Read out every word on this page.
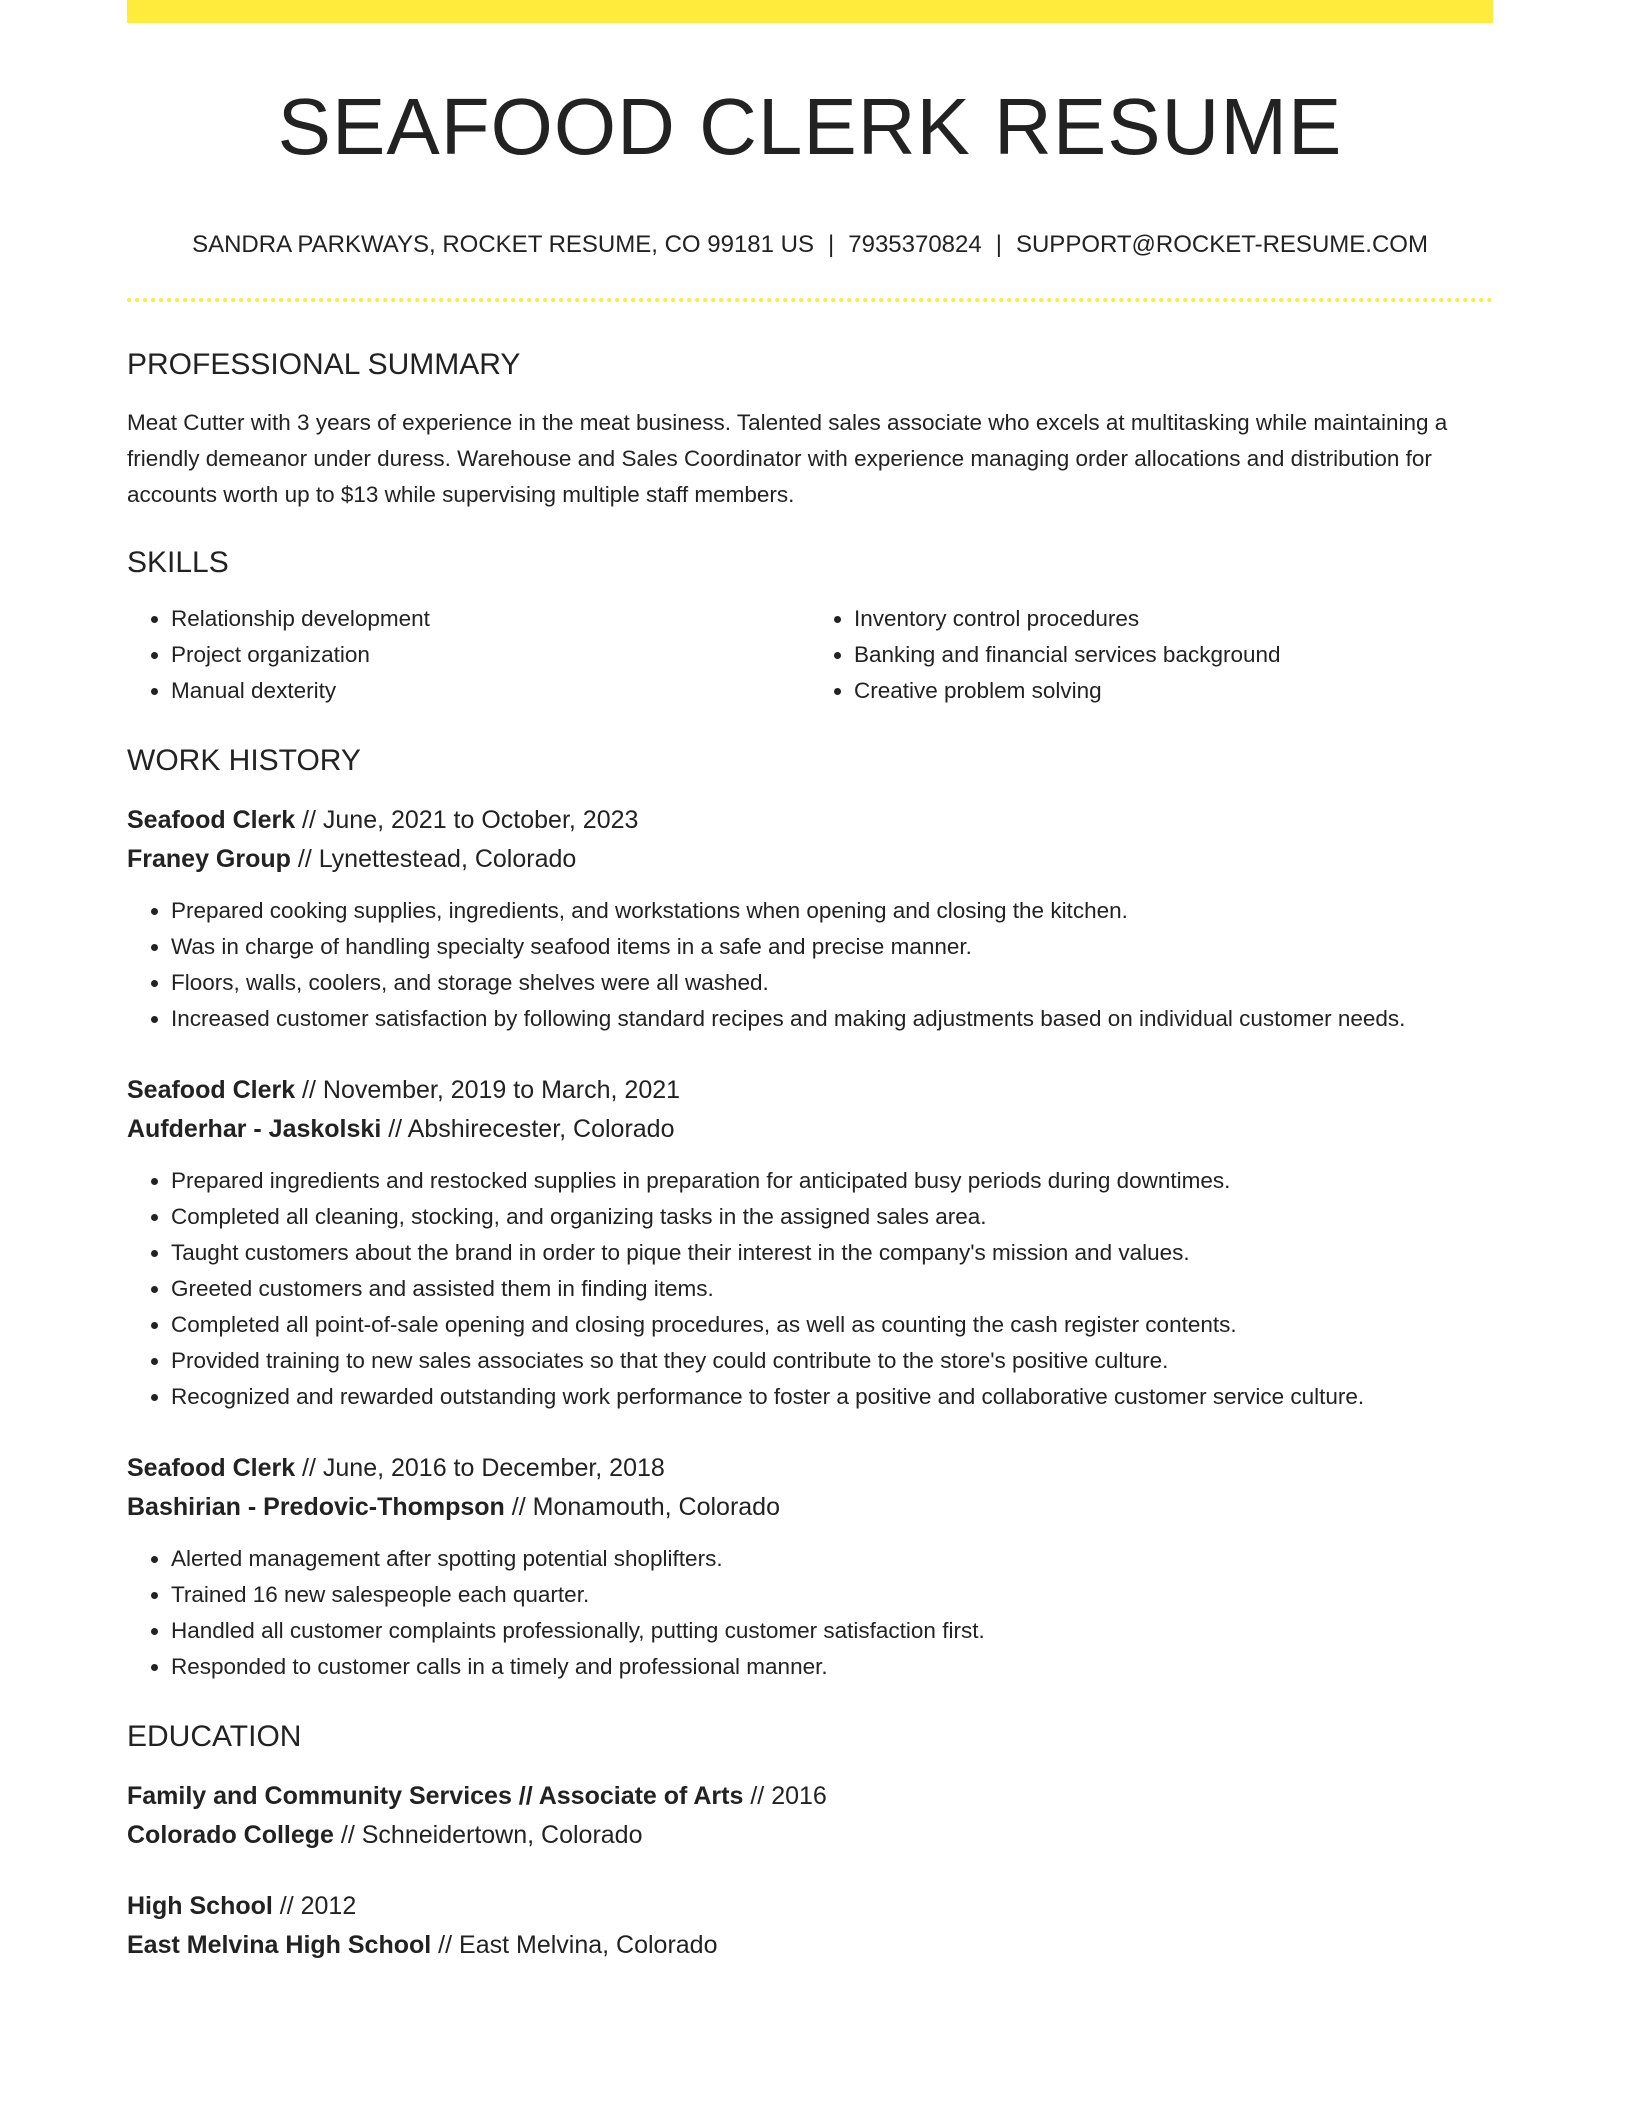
SEAFOOD CLERK RESUME
SANDRA PARKWAYS, ROCKET RESUME, CO 99181 US | 7935370824 | SUPPORT@ROCKET-RESUME.COM
PROFESSIONAL SUMMARY

Meat Cutter with 3 years of experience in the meat business. Talented sales associate who excels at multitasking while maintaining a friendly demeanor under duress. Warehouse and Sales Coordinator with experience managing order allocations and distribution for accounts worth up to $13 while supervising multiple staff members.

SKILLS
• Relationship development
• Project organization
• Manual dexterity
• Inventory control procedures
• Banking and financial services background
• Creative problem solving
WORK HISTORY
Seafood Clerk // June, 2021 to October, 2023
Franey Group // Lynettestead, Colorado
• Prepared cooking supplies, ingredients, and workstations when opening and closing the kitchen.
• Was in charge of handling specialty seafood items in a safe and precise manner.
• Floors, walls, coolers, and storage shelves were all washed.
• Increased customer satisfaction by following standard recipes and making adjustments based on individual customer needs.
Seafood Clerk // November, 2019 to March, 2021
Aufderhar - Jaskolski // Abshirecester, Colorado
• Prepared ingredients and restocked supplies in preparation for anticipated busy periods during downtimes.
• Completed all cleaning, stocking, and organizing tasks in the assigned sales area.
• Taught customers about the brand in order to pique their interest in the company's mission and values.
• Greeted customers and assisted them in finding items.
• Completed all point-of-sale opening and closing procedures, as well as counting the cash register contents.
• Provided training to new sales associates so that they could contribute to the store's positive culture.
• Recognized and rewarded outstanding work performance to foster a positive and collaborative customer service culture.
Seafood Clerk // June, 2016 to December, 2018
Bashirian - Predovic-Thompson // Monamouth, Colorado
• Alerted management after spotting potential shoplifters.
• Trained 16 new salespeople each quarter.
• Handled all customer complaints professionally, putting customer satisfaction first.
• Responded to customer calls in a timely and professional manner.
EDUCATION
Family and Community Services // Associate of Arts // 2016
Colorado College // Schneidertown, Colorado
High School // 2012
East Melvina High School // East Melvina, Colorado
